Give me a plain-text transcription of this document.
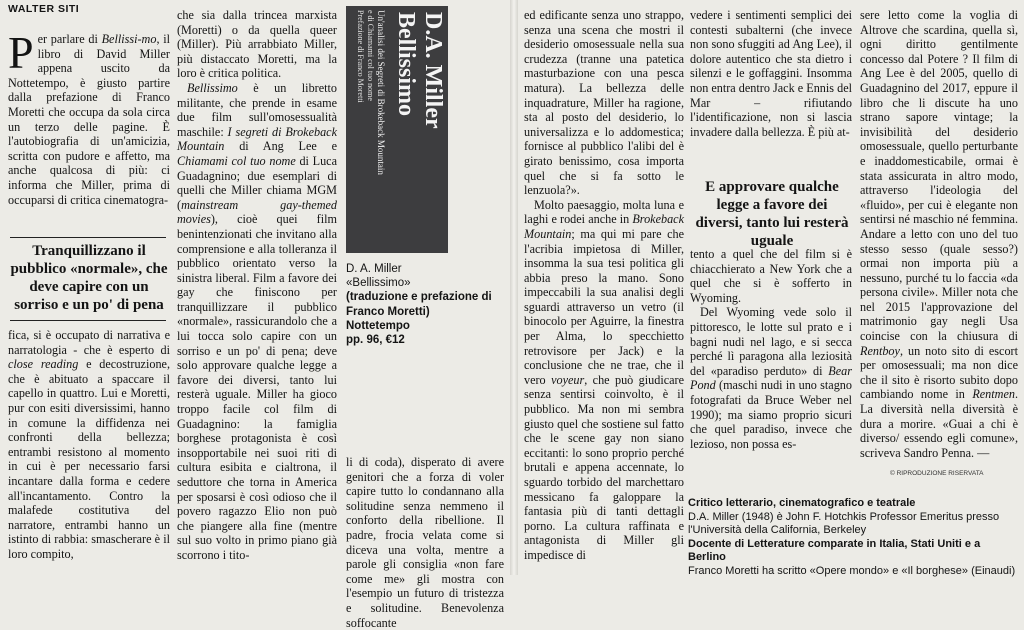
WALTER SITI

Per parlare di Bellissi-mo, il libro di David Miller appena uscito da Nottetempo, è giusto partire dalla prefazione di Franco Moretti che occupa da sola circa un terzo delle pagine. È l'autobiografia di un'amicizia, scritta con pudore e affetto, ma anche qualcosa di più: ci informa che Miller, prima di occuparsi di critica cinematogra-

Tranquillizzano il pubblico «normale», che deve capire con un sorriso e un po' di pena

fica, si è occupato di narrativa e narratologia - che è esperto di close reading e decostruzione, che è abituato a spaccare il capello in quattro. Lui e Moretti, pur con esiti diversissimi, hanno in comune la diffidenza nei confronti della bellezza; entrambi resistono al momento in cui è per necessario farsi incantare dalla forma e cedere all'incantamento. Contro la malafede costitutiva del narratore, entrambi hanno un istinto di rabbia: smascherare è il loro compito,

che sia dalla trincea marxista (Moretti) o da quella queer (Miller). Più arrabbiato Miller, più distaccato Moretti, ma la loro è critica politica.

Bellissimo è un libretto militante, che prende in esame due film sull'omosessualità maschile: I segreti di Brokeback Mountain di Ang Lee e Chiamami col tuo nome di Luca Guadagnino; due esemplari di quelli che Miller chiama MGM (mainstream gay-themed movies), cioè quei film benintenzionati che invitano alla comprensione e alla tolleranza il pubblico orientato verso la sinistra liberal. Film a favore dei gay che finiscono per tranquillizzare il pubblico «normale», rassicurandolo che a lui tocca solo capire con un sorriso e un po' di pena; deve solo approvare qualche legge a favore dei diversi, tanto lui resterà uguale. Miller ha gioco troppo facile col film di Guadagnino: la famiglia borghese protagonista è così insopportabile nei suoi riti di cultura esibita e cialtrona, il seduttore che torna in America per sposarsi è così odioso che il povero ragazzo Elio non può che piangere alla fine (mentre sul suo volto in primo piano già scorrono i tito-

D.A. Miller
Bellissimo
Un'analisi dei Segreti di Brokeback Mountain
e di Chiamami col tuo nome
Prefazione di Franco Moretti
D. A. Miller
«Bellissimo»
(traduzione e prefazione di Franco Moretti)
Nottetempo
pp. 96, €12

li di coda), disperato di avere genitori che a forza di voler capire tutto lo condannano alla solitudine senza nemmeno il conforto della ribellione. Il padre, frocia velata come si diceva una volta, mentre a parole gli consiglia «non fare come me» gli mostra con l'esempio un futuro di tristezza e solitudine. Benevolenza soffocante

ed edificante senza uno strappo, senza una scena che mostri il desiderio omosessuale nella sua crudezza (tranne una patetica masturbazione con una pesca matura). La bellezza delle inquadrature, Miller ha ragione, sta al posto del desiderio, lo universalizza e lo addomestica; fornisce al pubblico l'alibi del è girato benissimo, cosa importa quel che si fa sotto le lenzuola?».

Molto paesaggio, molta luna e laghi e rodei anche in Brokeback Mountain; ma qui mi pare che l'acribia impietosa di Miller, insomma la sua tesi politica gli abbia preso la mano. Sono impeccabili la sua analisi degli sguardi attraverso un vetro (il binocolo per Aguirre, la finestra per Alma, lo specchietto retrovisore per Jack) e la conclusione che ne trae, che il vero voyeur, che può giudicare senza sentirsi coinvolto, è il pubblico. Ma non mi sembra giusto quel che sostiene sul fatto che le scene gay non siano eccitanti: lo sono proprio perché brutali e appena accennate, lo sguardo torbido del marchettaro messicano fa galoppare la fantasia più di tanti dettagli porno. La cultura raffinata e antagonista di Miller gli impedisce di

vedere i sentimenti semplici dei contesti subalterni (che invece non sono sfuggiti ad Ang Lee), il dolore autentico che sta dietro i silenzi e le goffaggini. Insomma non entra dentro Jack e Ennis del Mar – rifiutando l'identificazione, non si lascia invadere dalla bellezza. È più at-

E approvare qualche legge a favore dei diversi, tanto lui resterà uguale

tento a quel che del film si è chiacchierato a New York che a quel che si è sofferto in Wyoming.

Del Wyoming vede solo il pittoresco, le lotte sul prato e i bagni nudi nel lago, e si secca perché lì paragona alla leziosità del «paradiso perduto» di Bear Pond (maschi nudi in uno stagno fotografati da Bruce Weber nel 1990); ma siamo proprio sicuri che quel paradiso, invece che lezioso, non possa es-

sere letto come la voglia di Altrove che scardina, quella sì, ogni diritto gentilmente concesso dal Potere ? Il film di Ang Lee è del 2005, quello di Guadagnino del 2017, eppure il libro che li discute ha uno strano sapore vintage; la invisibilità del desiderio omosessuale, quello perturbante e inaddomesticabile, ormai è stata assicurata in altro modo, attraverso l'ideologia del «fluido», per cui è elegante non sentirsi né maschio né femmina. Andare a letto con uno del tuo stesso sesso (quale sesso?) ormai non importa più a nessuno, purché tu lo faccia «da persona civile». Miller nota che nel 2015 l'approvazione del matrimonio gay negli Usa coincise con la chiusura di Rentboy, un noto sito di escort per omosessuali; ma non dice che il sito è risorto subito dopo cambiando nome in Rentmen. La diversità nella diversità è dura a morire. «Guai a chi è diverso/ essendo egli comune», scriveva Sandro Penna. —

© RIPRODUZIONE RISERVATA
Critico letterario, cinematografico e teatrale
D.A. Miller (1948) è John F. Hotchkis Professor Emeritus presso l'Università della California, Berkeley
Docente di Letterature comparate in Italia, Stati Uniti e a Berlino
Franco Moretti ha scritto «Opere mondo» e «Il borghese» (Einaudi)
